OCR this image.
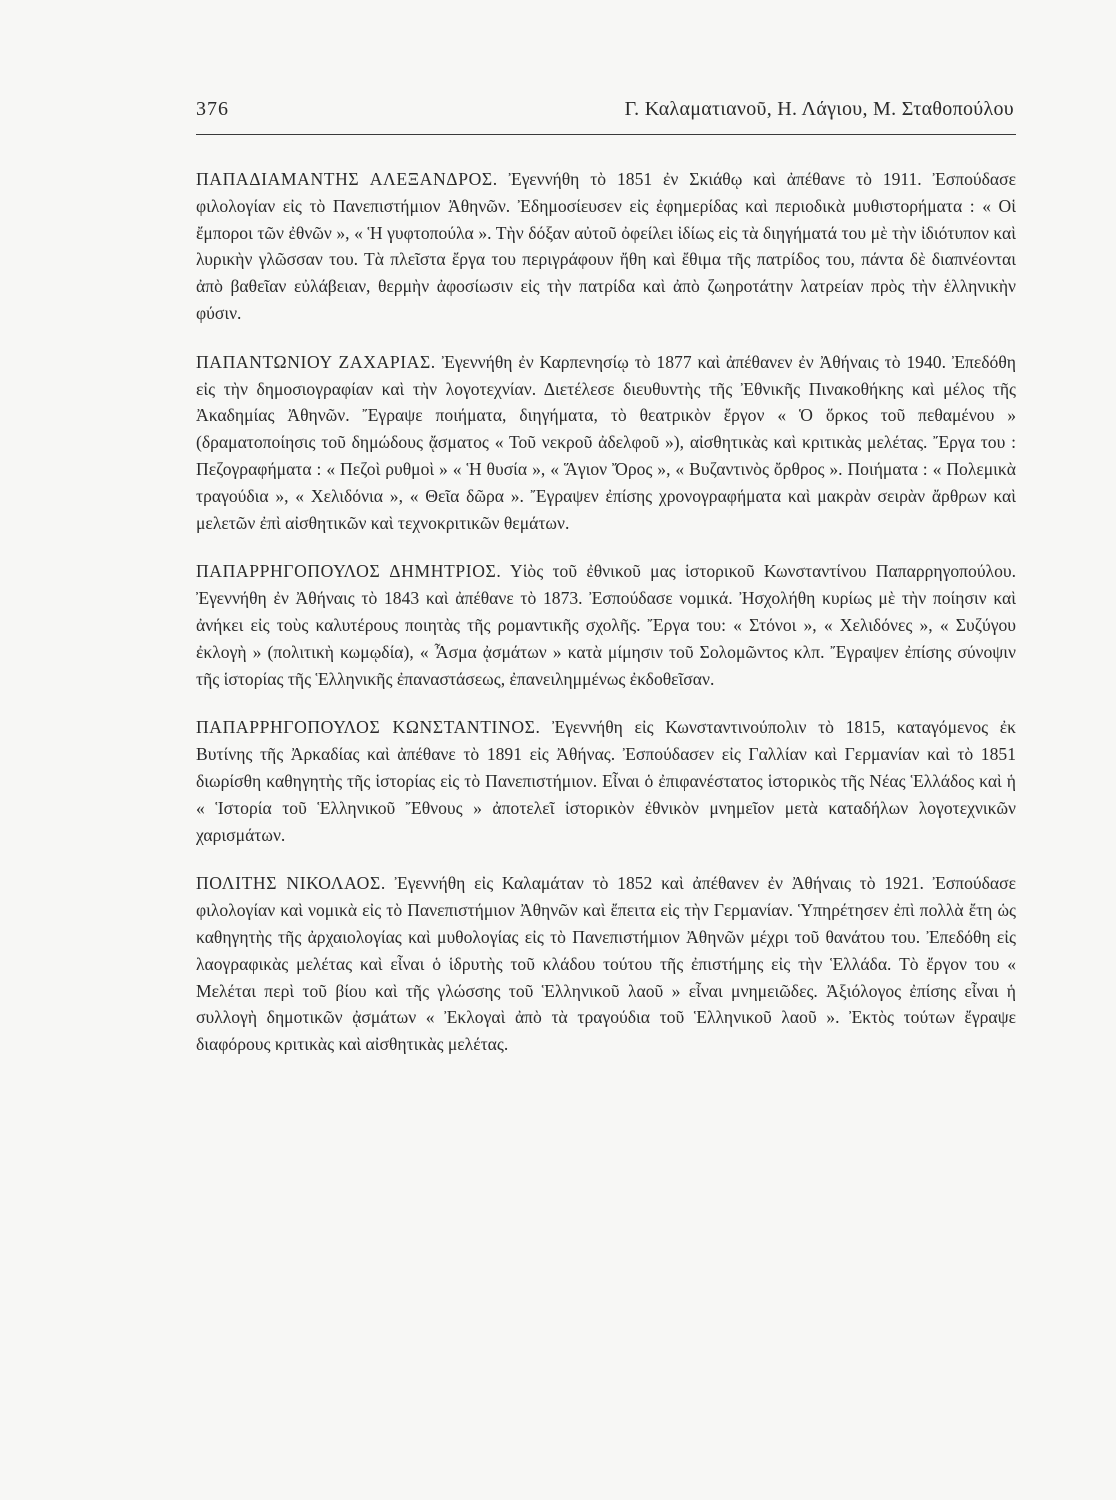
376	Γ. Καλαματιανοῦ, Η. Λάγιου, Μ. Σταθοπούλου

ΠΑΠΑΔΙΑΜΑΝΤΗΣ ΑΛΕΞΑΝΔΡΟΣ. Ἐγεννήθη τὸ 1851 ἐν Σκιάθῳ καὶ ἀπέθανε τὸ 1911. Ἐσπούδασε φιλολογίαν εἰς τὸ Πανεπιστήμιον Ἀθηνῶν. Ἐδημοσίευσεν εἰς ἐφημερίδας καὶ περιοδικὰ μυθιστορήματα : « Οἱ ἔμποροι τῶν ἐθνῶν », « Ἡ γυφτοπούλα ». Τὴν δόξαν αὐτοῦ ὀφείλει ἰδίως εἰς τὰ διηγήματά του μὲ τὴν ἰδιότυπον καὶ λυρικὴν γλῶσσαν του. Τὰ πλεῖστα ἔργα του περιγράφουν ἤθη καὶ ἔθιμα τῆς πατρίδος του, πάντα δὲ διαπνέονται ἀπὸ βαθεῖαν εὐλάβειαν, θερμὴν ἀφοσίωσιν εἰς τὴν πατρίδα καὶ ἀπὸ ζωηροτάτην λατρείαν πρὸς τὴν ἑλληνικὴν φύσιν.

ΠΑΠΑΝΤΩΝΙΟΥ ΖΑΧΑΡΙΑΣ. Ἐγεννήθη ἐν Καρπενησίῳ τὸ 1877 καὶ ἀπέθανεν ἐν Ἀθήναις τὸ 1940. Ἐπεδόθη εἰς τὴν δημοσιογραφίαν καὶ τὴν λογοτεχνίαν. Διετέλεσε διευθυντὴς τῆς Ἐθνικῆς Πινακοθήκης καὶ μέλος τῆς Ἀκαδημίας Ἀθηνῶν. Ἔγραψε ποιήματα, διηγήματα, τὸ θεατρικὸν ἔργον « Ὁ ὅρκος τοῦ πεθαμένου » (δραματοποίησις τοῦ δημώδους ᾄσματος « Τοῦ νεκροῦ ἀδελφοῦ »), αἰσθητικὰς καὶ κριτικὰς μελέτας. Ἔργα του : Πεζογραφήματα : « Πεζοὶ ρυθμοὶ » « Ἡ θυσία », « Ἅγιον Ὄρος », « Βυζαντινὸς ὄρθρος ». Ποιήματα : « Πολεμικὰ τραγούδια », « Χελιδόνια », « Θεῖα δῶρα ». Ἔγραψεν ἐπίσης χρονογραφήματα καὶ μακρὰν σειρὰν ἄρθρων καὶ μελετῶν ἐπὶ αἰσθητικῶν καὶ τεχνοκριτικῶν θεμάτων.

ΠΑΠΑΡΡΗΓΟΠΟΥΛΟΣ ΔΗΜΗΤΡΙΟΣ. Υἱὸς τοῦ ἐθνικοῦ μας ἱστορικοῦ Κωνσταντίνου Παπαρρηγοπούλου. Ἐγεννήθη ἐν Ἀθήναις τὸ 1843 καὶ ἀπέθανε τὸ 1873. Ἐσπούδασε νομικά. Ἠσχολήθη κυρίως μὲ τὴν ποίησιν καὶ ἀνήκει εἰς τοὺς καλυτέρους ποιητὰς τῆς ρομαντικῆς σχολῆς. Ἔργα του: « Στόνοι », « Χελιδόνες », « Συζύγου ἐκλογὴ » (πολιτικὴ κωμῳδία), « Ἆσμα ᾀσμάτων » κατὰ μίμησιν τοῦ Σολομῶντος κλπ. Ἔγραψεν ἐπίσης σύνοψιν τῆς ἱστορίας τῆς Ἑλληνικῆς ἐπαναστάσεως, ἐπανειλημμένως ἐκδοθεῖσαν.

ΠΑΠΑΡΡΗΓΟΠΟΥΛΟΣ ΚΩΝΣΤΑΝΤΙΝΟΣ. Ἐγεννήθη εἰς Κωνσταντινούπολιν τὸ 1815, καταγόμενος ἐκ Βυτίνης τῆς Ἀρκαδίας καὶ ἀπέθανε τὸ 1891 εἰς Ἀθήνας. Ἐσπούδασεν εἰς Γαλλίαν καὶ Γερμανίαν καὶ τὸ 1851 διωρίσθη καθηγητὴς τῆς ἱστορίας εἰς τὸ Πανεπιστήμιον. Εἶναι ὁ ἐπιφανέστατος ἱστορικὸς τῆς Νέας Ἑλλάδος καὶ ἡ « Ἱστορία τοῦ Ἑλληνικοῦ Ἔθνους » ἀποτελεῖ ἱστορικὸν ἐθνικὸν μνημεῖον μετὰ καταδήλων λογοτεχνικῶν χαρισμάτων.

ΠΟΛΙΤΗΣ ΝΙΚΟΛΑΟΣ. Ἐγεννήθη εἰς Καλαμάταν τὸ 1852 καὶ ἀπέθανεν ἐν Ἀθήναις τὸ 1921. Ἐσπούδασε φιλολογίαν καὶ νομικὰ εἰς τὸ Πανεπιστήμιον Ἀθηνῶν καὶ ἔπειτα εἰς τὴν Γερμανίαν. Ὑπηρέτησεν ἐπὶ πολλὰ ἔτη ὡς καθηγητὴς τῆς ἀρχαιολογίας καὶ μυθολογίας εἰς τὸ Πανεπιστήμιον Ἀθηνῶν μέχρι τοῦ θανάτου του. Ἐπεδόθη εἰς λαογραφικὰς μελέτας καὶ εἶναι ὁ ἱδρυτὴς τοῦ κλάδου τούτου τῆς ἐπιστήμης εἰς τὴν Ἑλλάδα. Τὸ ἔργον του « Μελέται περὶ τοῦ βίου καὶ τῆς γλώσσης τοῦ Ἑλληνικοῦ λαοῦ » εἶναι μνημειῶδες. Ἀξιόλογος ἐπίσης εἶναι ἡ συλλογὴ δημοτικῶν ᾀσμάτων « Ἐκλογαὶ ἀπὸ τὰ τραγούδια τοῦ Ἑλληνικοῦ λαοῦ ». Ἐκτὸς τούτων ἔγραψε διαφόρους κριτικὰς καὶ αἰσθητικὰς μελέτας.
